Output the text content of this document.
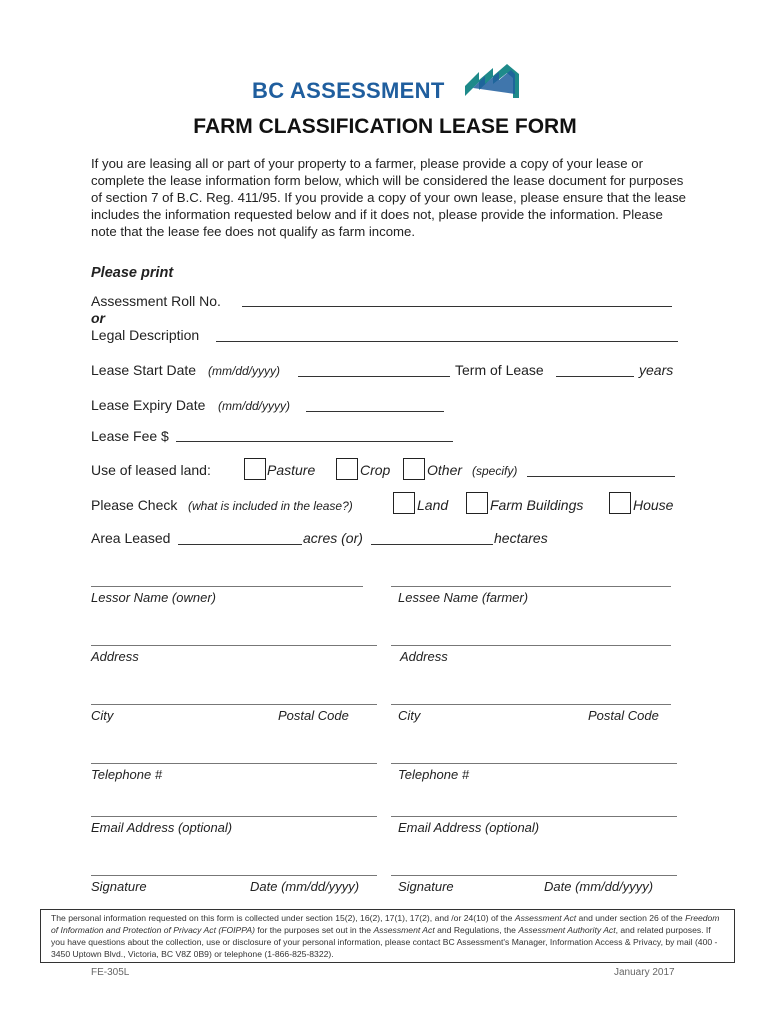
BC ASSESSMENT
FARM CLASSIFICATION LEASE FORM
If you are leasing all or part of your property to a farmer, please provide a copy of your lease or complete the lease information form below, which will be considered the lease document for purposes of section 7 of B.C. Reg. 411/95. If you provide a copy of your own lease, please ensure that the lease includes the information requested below and if it does not, please provide the information. Please note that the lease fee does not qualify as farm income.
Please print
Assessment Roll No.
or
Legal Description
Lease Start Date (mm/dd/yyyy)	Term of Lease	years
Lease Expiry Date (mm/dd/yyyy)
Lease Fee $
Use of leased land:	Pasture	Crop	Other (specify)
Please Check (what is included in the lease?)	Land	Farm Buildings	House
Area Leased	acres (or)	hectares
Lessor Name (owner)	Lessee Name (farmer)
Address	Address
City	Postal Code	City	Postal Code
Telephone #	Telephone #
Email Address (optional)	Email Address (optional)
Signature	Date (mm/dd/yyyy)	Signature	Date (mm/dd/yyyy)
The personal information requested on this form is collected under section 15(2), 16(2), 17(1), 17(2), and /or 24(10) of the Assessment Act and under section 26 of the Freedom of Information and Protection of Privacy Act (FOIPPA) for the purposes set out in the Assessment Act and Regulations, the Assessment Authority Act, and related purposes. If you have questions about the collection, use or disclosure of your personal information, please contact BC Assessment's Manager, Information Access & Privacy, by mail (400 - 3450 Uptown Blvd., Victoria, BC V8Z 0B9) or telephone (1-866-825-8322).
FE-305L	January 2017
